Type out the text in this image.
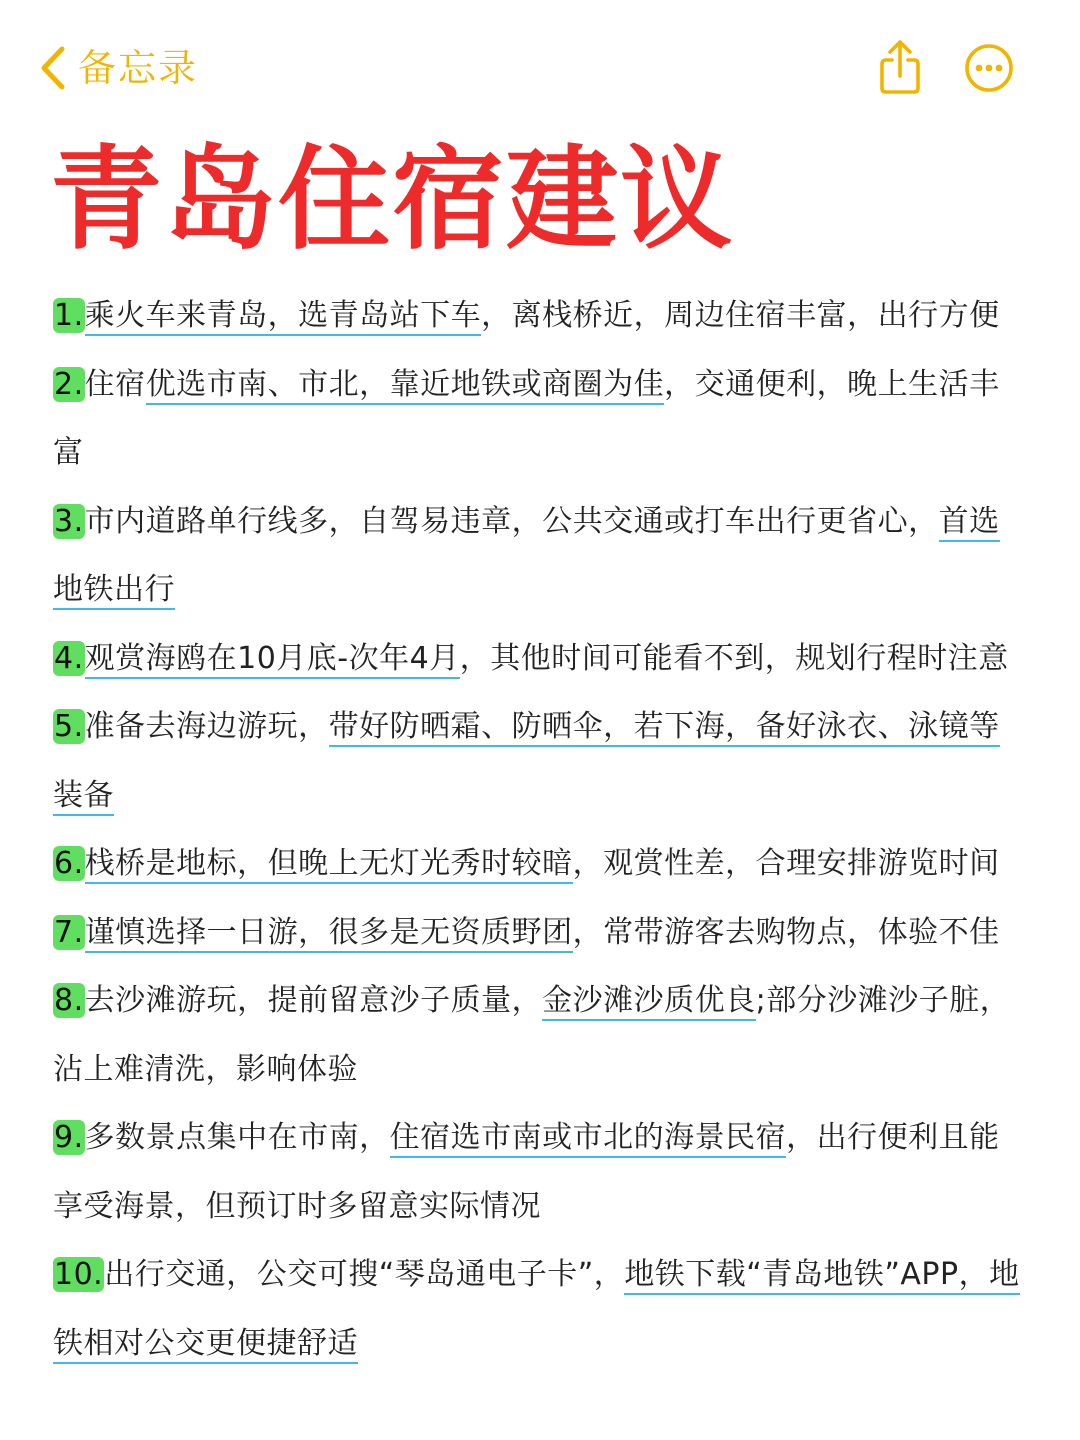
备忘录
青岛住宿建议
1.乘火车来青岛，选青岛站下车，离栈桥近，周边住宿丰富，出行方便
2.住宿优选市南、市北，靠近地铁或商圈为佳，交通便利，晚上生活丰富
3.市内道路单行线多，自驾易违章，公共交通或打车出行更省心，首选地铁出行
4.观赏海鸥在10月底-次年4月，其他时间可能看不到，规划行程时注意
5.准备去海边游玩，带好防晒霜、防晒伞，若下海，备好泳衣、泳镜等装备
6.栈桥是地标，但晚上无灯光秀时较暗，观赏性差，合理安排游览时间
7.谨慎选择一日游，很多是无资质野团，常带游客去购物点，体验不佳
8.去沙滩游玩，提前留意沙子质量，金沙滩沙质优良;部分沙滩沙子脏，沾上难清洗，影响体验
9.多数景点集中在市南，住宿选市南或市北的海景民宿，出行便利且能享受海景，但预订时多留意实际情况
10.出行交通，公交可搜“琴岛通电子卡”，地铁下载“青岛地铁”APP，地铁相对公交更便捷舒适
